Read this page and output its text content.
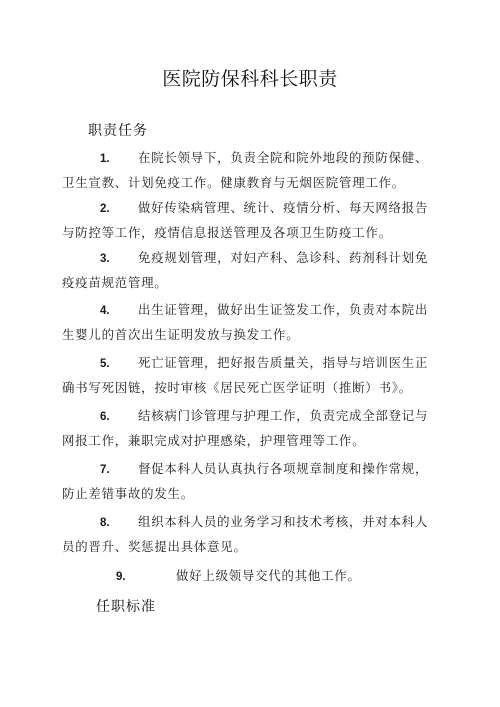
医院防保科科长职责
职责任务
1. 在院长领导下，负责全院和院外地段的预防保健、卫生宣教、计划免疫工作。健康教育与无烟医院管理工作。
2. 做好传染病管理、统计、疫情分析、每天网络报告与防控等工作，疫情信息报送管理及各项卫生防疫工作。
3. 免疫规划管理，对妇产科、急诊科、药剂科计划免疫疫苗规范管理。
4. 出生证管理，做好出生证签发工作，负责对本院出生婴儿的首次出生证明发放与换发工作。
5. 死亡证管理，把好报告质量关，指导与培训医生正确书写死因链，按时审核《居民死亡医学证明（推断）书》。
6. 结核病门诊管理与护理工作，负责完成全部登记与网报工作，兼职完成对护理感染，护理管理等工作。
7. 督促本科人员认真执行各项规章制度和操作常规，防止差错事故的发生。
8. 组织本科人员的业务学习和技术考核，并对本科人员的晋升、奖惩提出具体意见。
9.	做好上级领导交代的其他工作。
任职标准
